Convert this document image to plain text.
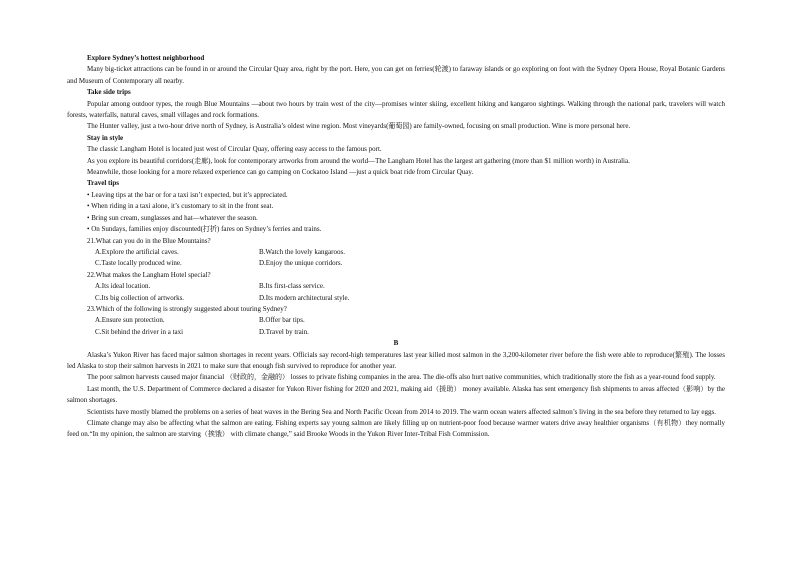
Explore Sydney’s hottest neighborhood

Many big-ticket attractions can be found in or around the Circular Quay area, right by the port. Here, you can get on ferries(轮渡) to faraway islands or go exploring on foot with the Sydney Opera House, Royal Botanic Gardens and Museum of Contemporary all nearby.

Take side trips

Popular among outdoor types, the rough Blue Mountains —about two hours by train west of the city—promises winter skiing, excellent hiking and kangaroo sightings. Walking through the national park, travelers will watch forests, waterfalls, natural caves, small villages and rock formations.

The Hunter valley, just a two-hour drive north of Sydney, is Australia’s oldest wine region. Most vineyards(葡萄园) are family-owned, focusing on small production. Wine is more personal here.

Stay in style

The classic Langham Hotel is located just west of Circular Quay, offering easy access to the famous port.

As you explore its beautiful corridors(走廊), look for contemporary artworks from around the world—The Langham Hotel has the largest art gathering (more than $1 million worth) in Australia.

Meanwhile, those looking for a more relaxed experience can go camping on Cockatoo Island —just a quick boat ride from Circular Quay.

Travel tips

• Leaving tips at the bar or for a taxi isn’t expected, but it’s appreciated.

• When riding in a taxi alone, it’s customary to sit in the front seat.

• Bring sun cream, sunglasses and hat—whatever the season.

• On Sundays, families enjoy discounted(打折) fares on Sydney’s ferries and trains.

21.What can you do in the Blue Mountains?

A.Explore the artificial caves.	B.Watch the lovely kangaroos.
C.Taste locally produced wine.	D.Enjoy the unique corridors.

22.What makes the Langham Hotel special?

A.Its ideal location.	B.Its first-class service.
C.Its big collection of artworks.	D.Its modern architectural style.

23.Which of the following is strongly suggested about touring Sydney?

A.Ensure sun protection.	B.Offer bar tips.
C.Sit behind the driver in a taxi	D.Travel by train.

B

Alaska’s Yukon River has faced major salmon shortages in recent years. Officials say record-high temperatures last year killed most salmon in the 3,200-kilometer river before the fish were able to reproduce(繁殖). The losses led Alaska to stop their salmon harvests in 2021 to make sure that enough fish survived to reproduce for another year.

The poor salmon harvests caused major financial （财政的，金融的） losses to private fishing companies in the area. The die-offs also hurt native communities, which traditionally store the fish as a year-round food supply.

Last month, the U.S. Department of Commerce declared a disaster for Yukon River fishing for 2020 and 2021, making aid（援助） money available. Alaska has sent emergency fish shipments to areas affected（影响）by the salmon shortages.

Scientists have mostly blamed the problems on a series of heat waves in the Bering Sea and North Pacific Ocean from 2014 to 2019. The warm ocean waters affected salmon’s living in the sea before they returned to lay eggs.

Climate change may also be affecting what the salmon are eating. Fishing experts say young salmon are likely filling up on nutrient-poor food because warmer waters drive away healthier organisms（有机物）they normally feed on.“In my opinion, the salmon are starving（挨饿） with climate change,” said Brooke Woods in the Yukon River Inter-Tribal Fish Commission.
